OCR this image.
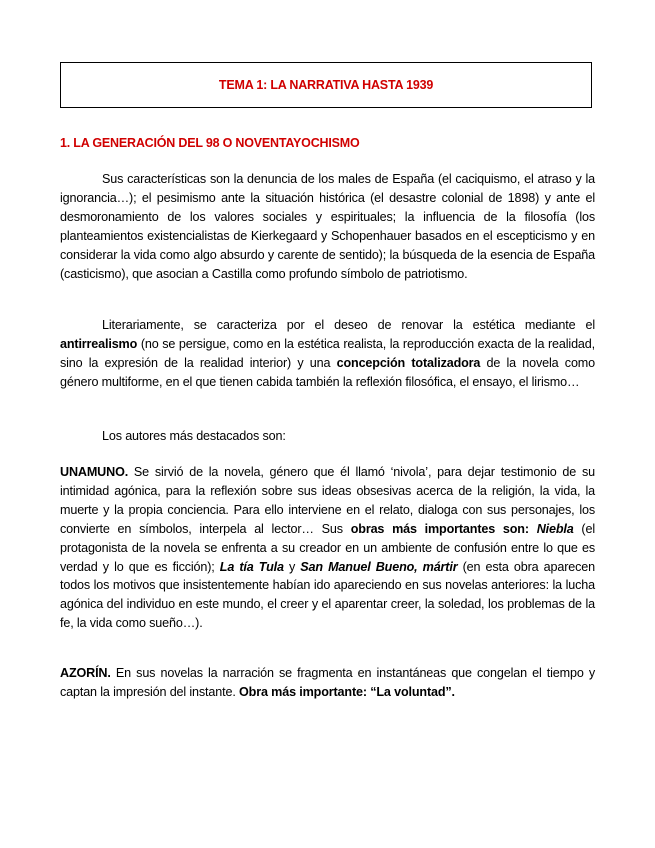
TEMA 1: LA NARRATIVA HASTA 1939
1. LA GENERACIÓN DEL 98 O NOVENTAYOCHISMO

Sus características son la denuncia de los males de España (el caciquismo, el atraso y la ignorancia…); el pesimismo ante la situación histórica (el desastre colonial de 1898) y ante el desmoronamiento de los valores sociales y espirituales; la influencia de la filosofía (los planteamientos existencialistas de Kierkegaard y Schopenhauer basados en el escepticismo y en considerar la vida como algo absurdo y carente de sentido); la búsqueda de la esencia de España (casticismo), que asocian a Castilla como profundo símbolo de patriotismo.

Literariamente, se caracteriza por el deseo de renovar la estética mediante el antirrealismo (no se persigue, como en la estética realista, la reproducción exacta de la realidad, sino la expresión de la realidad interior) y una concepción totalizadora de la novela como género multiforme, en el que tienen cabida también la reflexión filosófica, el ensayo, el lirismo…

Los autores más destacados son:

UNAMUNO. Se sirvió de la novela, género que él llamó ‘nivola’, para dejar testimonio de su intimidad agónica, para la reflexión sobre sus ideas obsesivas acerca de la religión, la vida, la muerte y la propia conciencia. Para ello interviene en el relato, dialoga con sus personajes, los convierte en símbolos, interpela al lector… Sus obras más importantes son: Niebla (el protagonista de la novela se enfrenta a su creador en un ambiente de confusión entre lo que es verdad y lo que es ficción); La tía Tula y San Manuel Bueno, mártir (en esta obra aparecen todos los motivos que insistentemente habían ido apareciendo en sus novelas anteriores: la lucha agónica del individuo en este mundo, el creer y el aparentar creer, la soledad, los problemas de la fe, la vida como sueño…).

AZORÍN. En sus novelas la narración se fragmenta en instantáneas que congelan el tiempo y captan la impresión del instante. Obra más importante: “La voluntad”.
